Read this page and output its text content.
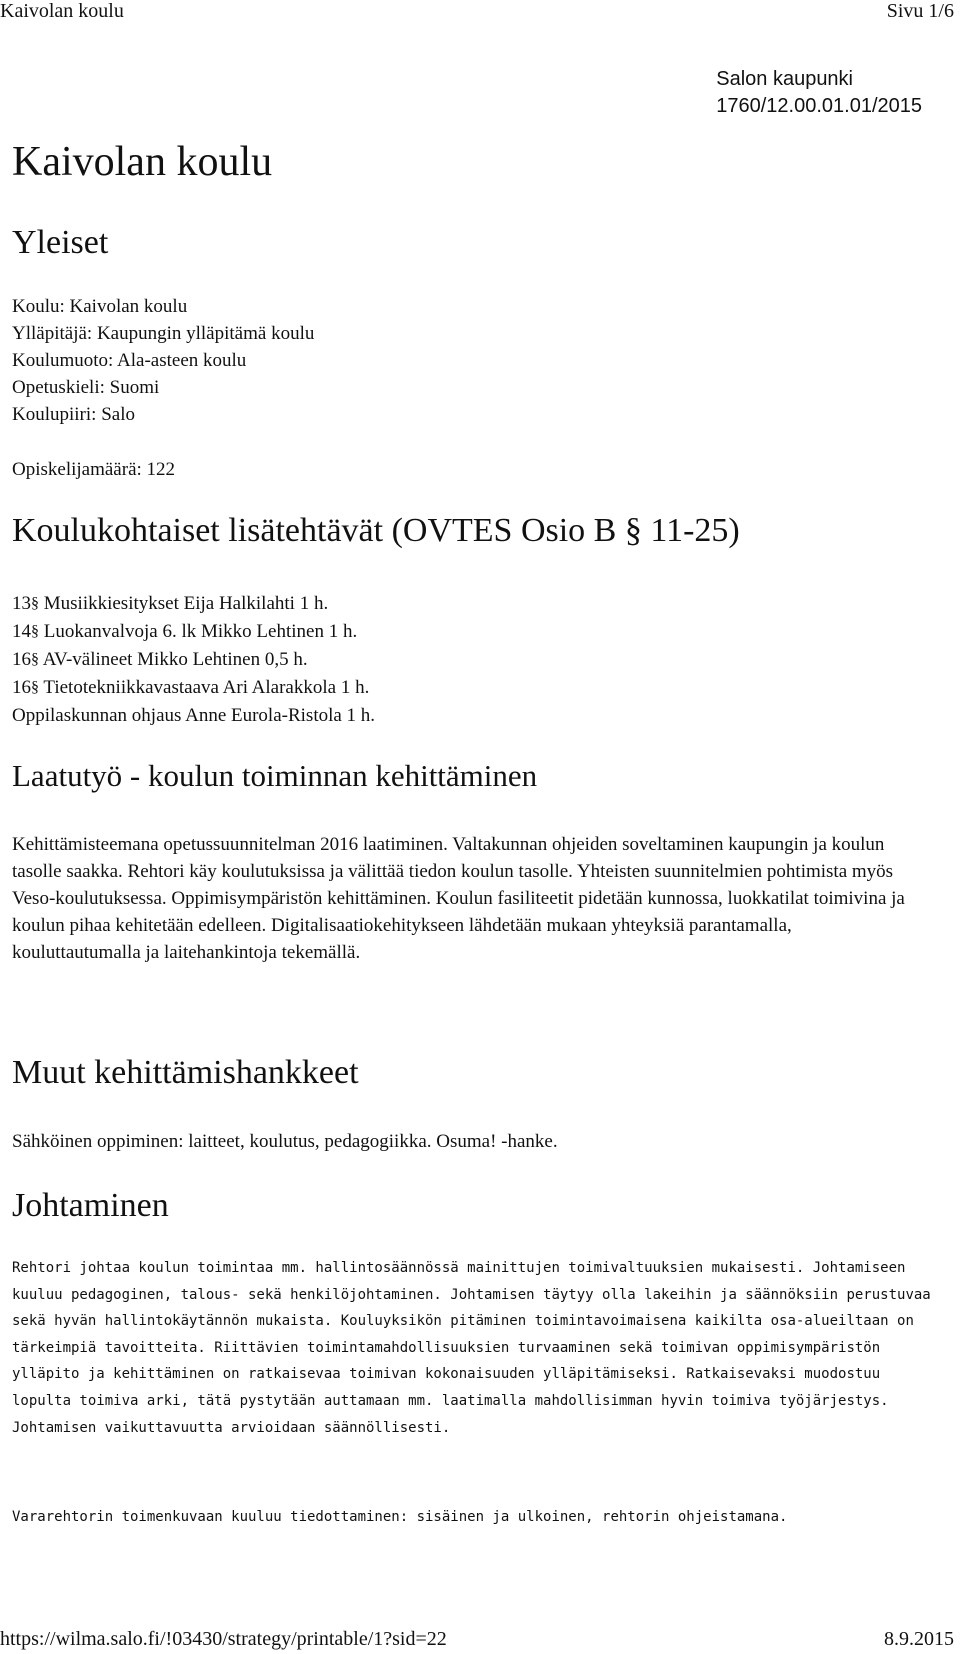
Kaivolan koulu	Sivu 1/6
Salon kaupunki
1760/12.00.01.01/2015
Kaivolan koulu
Yleiset
Koulu: Kaivolan koulu
Ylläpitäjä: Kaupungin ylläpitämä koulu
Koulumuoto: Ala-asteen koulu
Opetuskieli: Suomi
Koulupiiri: Salo
Opiskelijamäärä: 122
Koulukohtaiset lisätehtävät (OVTES Osio B § 11-25)
13§ Musiikkiesitykset Eija Halkilahti 1 h.
14§ Luokanvalvoja 6. lk Mikko Lehtinen 1 h.
16§ AV-välineet Mikko Lehtinen 0,5 h.
16§ Tietotekniikkavastaava Ari Alarakkola 1 h.
Oppilaskunnan ohjaus Anne Eurola-Ristola 1 h.
Laatutyö - koulun toiminnan kehittäminen
Kehittämisteemana opetussuunnitelman 2016 laatiminen. Valtakunnan ohjeiden soveltaminen kaupungin ja koulun tasolle saakka. Rehtori käy koulutuksissa ja välittää tiedon koulun tasolle. Yhteisten suunnitelmien pohtimista myös Veso-koulutuksessa. Oppimisympäristön kehittäminen. Koulun fasiliteetit pidetään kunnossa, luokkatilat toimivina ja koulun pihaa kehitetään edelleen. Digitalisaatiokehitykseen lähdetään mukaan yhteyksiä parantamalla, kouluttautumalla ja laitehankintoja tekemällä.
Muut kehittämishankkeet
Sähköinen oppiminen: laitteet, koulutus, pedagogiikka. Osuma! -hanke.
Johtaminen
Rehtori johtaa koulun toimintaa mm. hallintosäännössä mainittujen toimivaltuuksien mukaisesti. Johtamiseen kuuluu pedagoginen, talous- sekä henkilöjohtaminen. Johtamisen täytyy olla lakeihin ja säännöksiin perustuvaa sekä hyvän hallintokäytännön mukaista. Kouluyksikön pitäminen toimintavoimaisena kaikilta osa-alueiltaan on tärkeimpiä tavoitteita. Riittävien toimintamahdollisuuksien turvaaminen sekä toimivan oppimisympäristön ylläpito ja kehittäminen on ratkaisevaa toimivan kokonaisuuden ylläpitämiseksi. Ratkaisevaksi muodostuu lopulta toimiva arki, tätä pystytään auttamaan mm. laatimalla mahdollisimman hyvin toimiva työjärjestys. Johtamisen vaikuttavuutta arvioidaan säännöllisesti.
Vararehtorin toimenkuvaan kuuluu tiedottaminen: sisäinen ja ulkoinen, rehtorin ohjeistamana.
https://wilma.salo.fi/!03430/strategy/printable/1?sid=22	8.9.2015
